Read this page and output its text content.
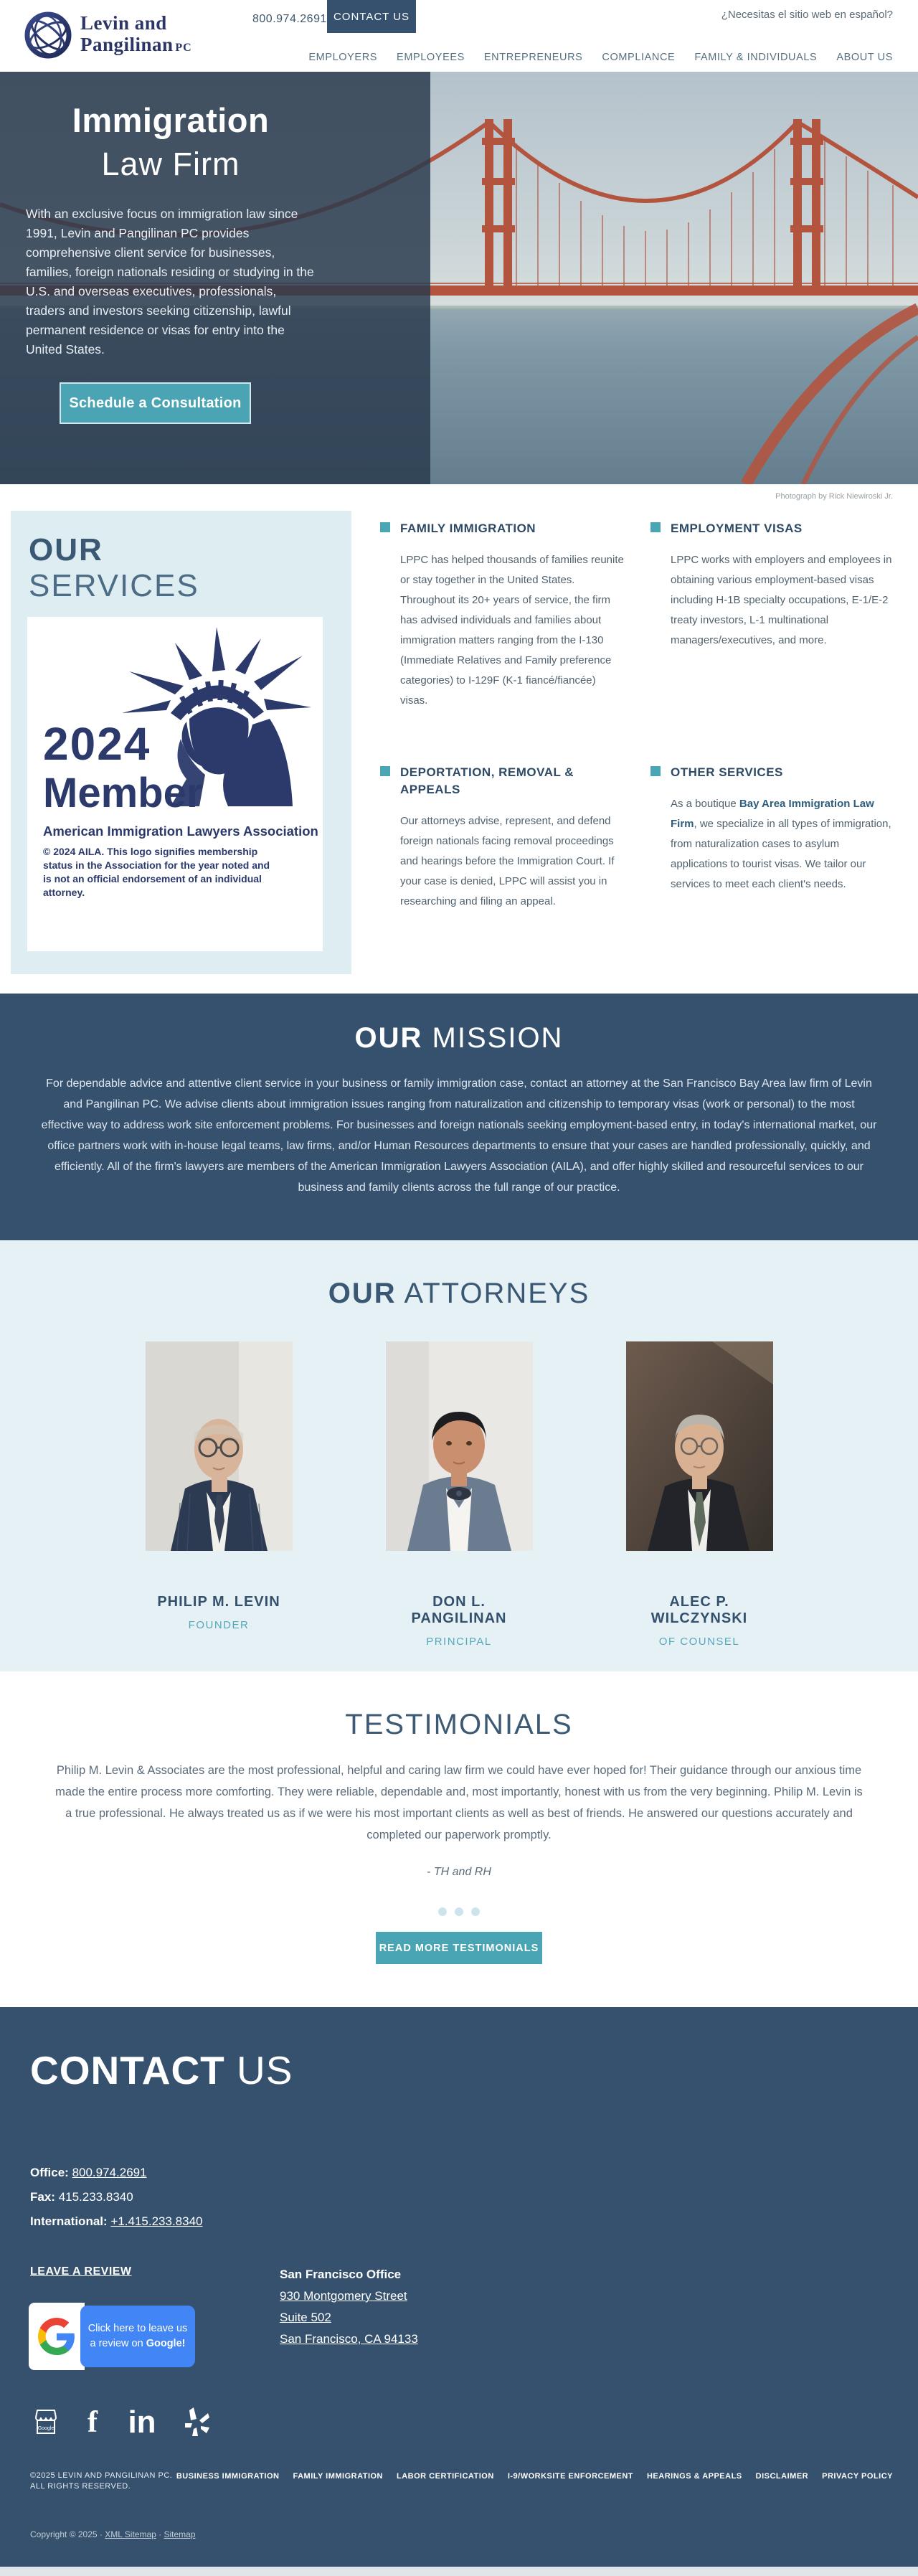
Levin and
Pangilinan  PC
800.974.2691 CONTACT US	¿Necesitas el sitio web en español?
EMPLOYERS EMPLOYEES ENTREPRENEURS COMPLIANCE FAMILY & INDIVIDUALS ABOUT US
Immigration
Law Firm

With an exclusive focus on immigration law since 1991, Levin and Pangilinan PC provides comprehensive client service for businesses, families, foreign nationals residing or studying in the U.S. and overseas executives, professionals, traders and investors seeking citizenship, lawful permanent residence or visas for entry into the United States.

Schedule a Consultation
Photograph by Rick Niewiroski Jr.
OUR
SERVICES
2024
Member
American Immigration Lawyers Association
© 2024 AILA. This logo signifies membership status in the Association for the year noted and is not an official endorsement of an individual attorney.
FAMILY IMMIGRATION

LPPC has helped thousands of families reunite or stay together in the United States. Throughout its 20+ years of service, the firm has advised individuals and families about immigration matters ranging from the I-130 (Immediate Relatives and Family preference categories) to I-129F (K-1 fiancé/fiancée) visas.

EMPLOYMENT VISAS

LPPC works with employers and employees in obtaining various employment-based visas including H-1B specialty occupations, E-1/E-2 treaty investors, L-1 multinational managers/executives, and more.

DEPORTATION, REMOVAL & APPEALS

Our attorneys advise, represent, and defend foreign nationals facing removal proceedings and hearings before the Immigration Court. If your case is denied, LPPC will assist you in researching and filing an appeal.

OTHER SERVICES

As a boutique Bay Area Immigration Law Firm, we specialize in all types of immigration, from naturalization cases to asylum applications to tourist visas. We tailor our services to meet each client's needs.

OUR MISSION

For dependable advice and attentive client service in your business or family immigration case, contact an attorney at the San Francisco Bay Area law firm of Levin and Pangilinan PC. We advise clients about immigration issues ranging from naturalization and citizenship to temporary visas (work or personal) to the most effective way to address work site enforcement problems. For businesses and foreign nationals seeking employment-based entry, in today's international market, our office partners work with in-house legal teams, law firms, and/or Human Resources departments to ensure that your cases are handled professionally, quickly, and efficiently. All of the firm's lawyers are members of the American Immigration Lawyers Association (AILA), and offer highly skilled and resourceful services to our business and family clients across the full range of our practice.

OUR ATTORNEYS
PHILIP M. LEVIN
FOUNDER
DON L. PANGILINAN
PRINCIPAL
ALEC P. WILCZYNSKI
OF COUNSEL
TESTIMONIALS

Philip M. Levin & Associates are the most professional, helpful and caring law firm we could have ever hoped for! Their guidance through our anxious time made the entire process more comforting. They were reliable, dependable and, most importantly, honest with us from the very beginning. Philip M. Levin is a true professional. He always treated us as if we were his most important clients as well as best of friends. He answered our questions accurately and completed our paperwork promptly.

- TH and RH
READ MORE TESTIMONIALS
CONTACT US
Office: 800.974.2691
Fax: 415.233.8340
International: +1.415.233.8340
LEAVE A REVIEW
Click here to leave us
a review on Google!
San Francisco Office
930 Montgomery Street
Suite 502
San Francisco, CA 94133
Google f in
©2025 LEVIN AND PANGILINAN PC. ALL RIGHTS RESERVED.
BUSINESS IMMIGRATION FAMILY IMMIGRATION LABOR CERTIFICATION I-9/WORKSITE ENFORCEMENT HEARINGS & APPEALS DISCLAIMER PRIVACY POLICY
Copyright © 2025 · XML Sitemap · Sitemap
